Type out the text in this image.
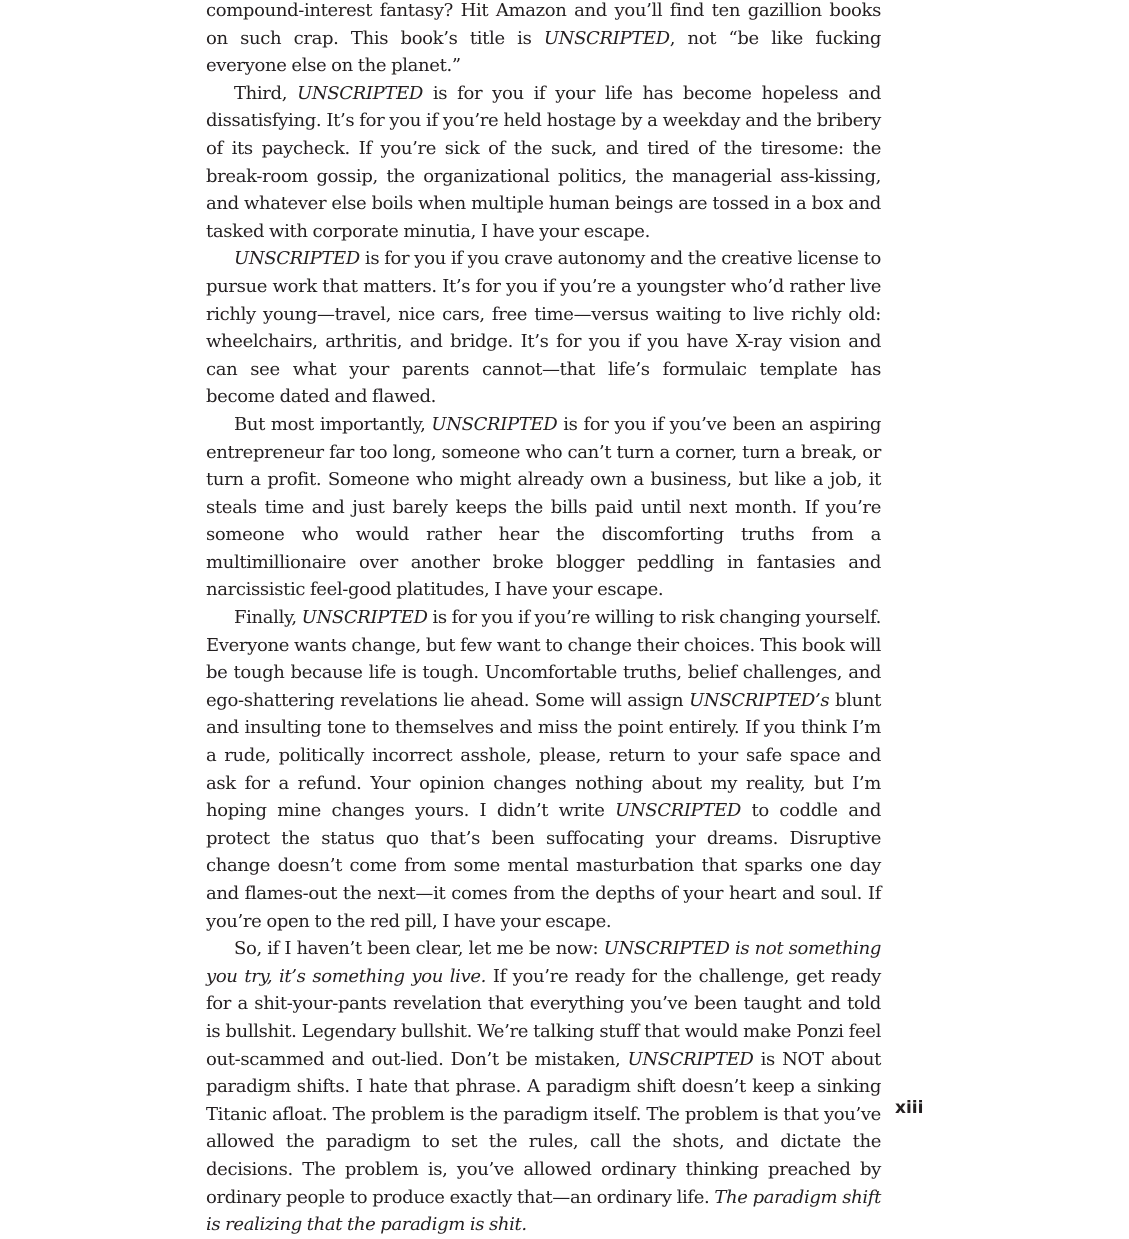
compound-interest fantasy? Hit Amazon and you’ll find ten gazillion books on such crap. This book’s title is UNSCRIPTED, not “be like fucking everyone else on the planet.”

Third, UNSCRIPTED is for you if your life has become hopeless and dissatisfying. It’s for you if you’re held hostage by a weekday and the bribery of its paycheck. If you’re sick of the suck, and tired of the tiresome: the break-room gossip, the organizational politics, the managerial ass-kissing, and whatever else boils when multiple human beings are tossed in a box and tasked with corporate minutia, I have your escape.

UNSCRIPTED is for you if you crave autonomy and the creative license to pursue work that matters. It’s for you if you’re a youngster who’d rather live richly young—travel, nice cars, free time—versus waiting to live richly old: wheelchairs, arthritis, and bridge. It’s for you if you have X-ray vision and can see what your parents cannot—that life’s formulaic template has become dated and flawed.

But most importantly, UNSCRIPTED is for you if you’ve been an aspiring entrepreneur far too long, someone who can’t turn a corner, turn a break, or turn a profit. Someone who might already own a business, but like a job, it steals time and just barely keeps the bills paid until next month. If you’re someone who would rather hear the discomforting truths from a multimillionaire over another broke blogger peddling in fantasies and narcissistic feel-good platitudes, I have your escape.

Finally, UNSCRIPTED is for you if you’re willing to risk changing yourself. Everyone wants change, but few want to change their choices. This book will be tough because life is tough. Uncomfortable truths, belief challenges, and ego-shattering revelations lie ahead. Some will assign UNSCRIPTED’s blunt and insulting tone to themselves and miss the point entirely. If you think I’m a rude, politically incorrect asshole, please, return to your safe space and ask for a refund. Your opinion changes nothing about my reality, but I’m hoping mine changes yours. I didn’t write UNSCRIPTED to coddle and protect the status quo that’s been suffocating your dreams. Disruptive change doesn’t come from some mental masturbation that sparks one day and flames-out the next—it comes from the depths of your heart and soul. If you’re open to the red pill, I have your escape.

So, if I haven’t been clear, let me be now: UNSCRIPTED is not something you try, it’s something you live. If you’re ready for the challenge, get ready for a shit-your-pants revelation that everything you’ve been taught and told is bullshit. Legendary bullshit. We’re talking stuff that would make Ponzi feel out-scammed and out-lied. Don’t be mistaken, UNSCRIPTED is NOT about paradigm shifts. I hate that phrase. A paradigm shift doesn’t keep a sinking Titanic afloat. The problem is the paradigm itself. The problem is that you’ve allowed the paradigm to set the rules, call the shots, and dictate the decisions. The problem is, you’ve allowed ordinary thinking preached by ordinary people to produce exactly that—an ordinary life. The paradigm shift is realizing that the paradigm is shit.

xiii
